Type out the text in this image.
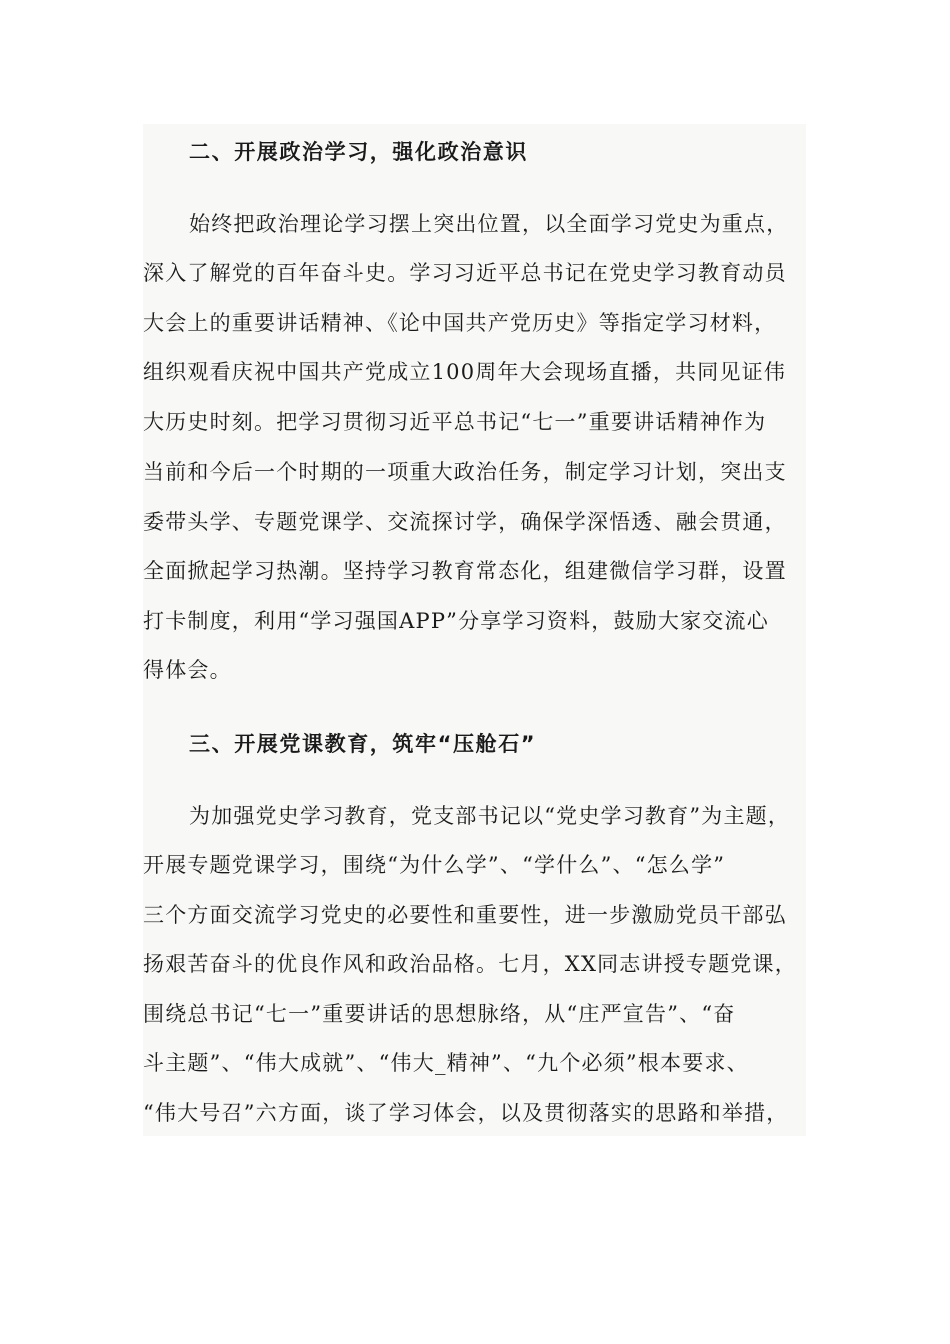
二、开展政治学习，强化政治意识
始终把政治理论学习摆上突出位置，以全面学习党史为重点，
深入了解党的百年奋斗史。学习习近平总书记在党史学习教育动员
大会上的重要讲话精神、《论中国共产党历史》等指定学习材料，
组织观看庆祝中国共产党成立100周年大会现场直播，共同见证伟
大历史时刻。把学习贯彻习近平总书记“七一”重要讲话精神作为
当前和今后一个时期的一项重大政治任务，制定学习计划，突出支
委带头学、专题党课学、交流探讨学，确保学深悟透、融会贯通，
全面掀起学习热潮。坚持学习教育常态化，组建微信学习群，设置
打卡制度，利用“学习强国APP”分享学习资料，鼓励大家交流心
得体会。
三、开展党课教育，筑牢“压舱石”
为加强党史学习教育，党支部书记以“党史学习教育”为主题，
开展专题党课学习，围绕“为什么学”、“学什么”、“怎么学”
三个方面交流学习党史的必要性和重要性，进一步激励党员干部弘
扬艰苦奋斗的优良作风和政治品格。七月，XX同志讲授专题党课，
围绕总书记“七一”重要讲话的思想脉络，从“庄严宣告”、“奋
斗主题”、“伟大成就”、“伟大_精神”、“九个必须”根本要求、
“伟大号召”六方面，谈了学习体会，以及贯彻落实的思路和举措，
